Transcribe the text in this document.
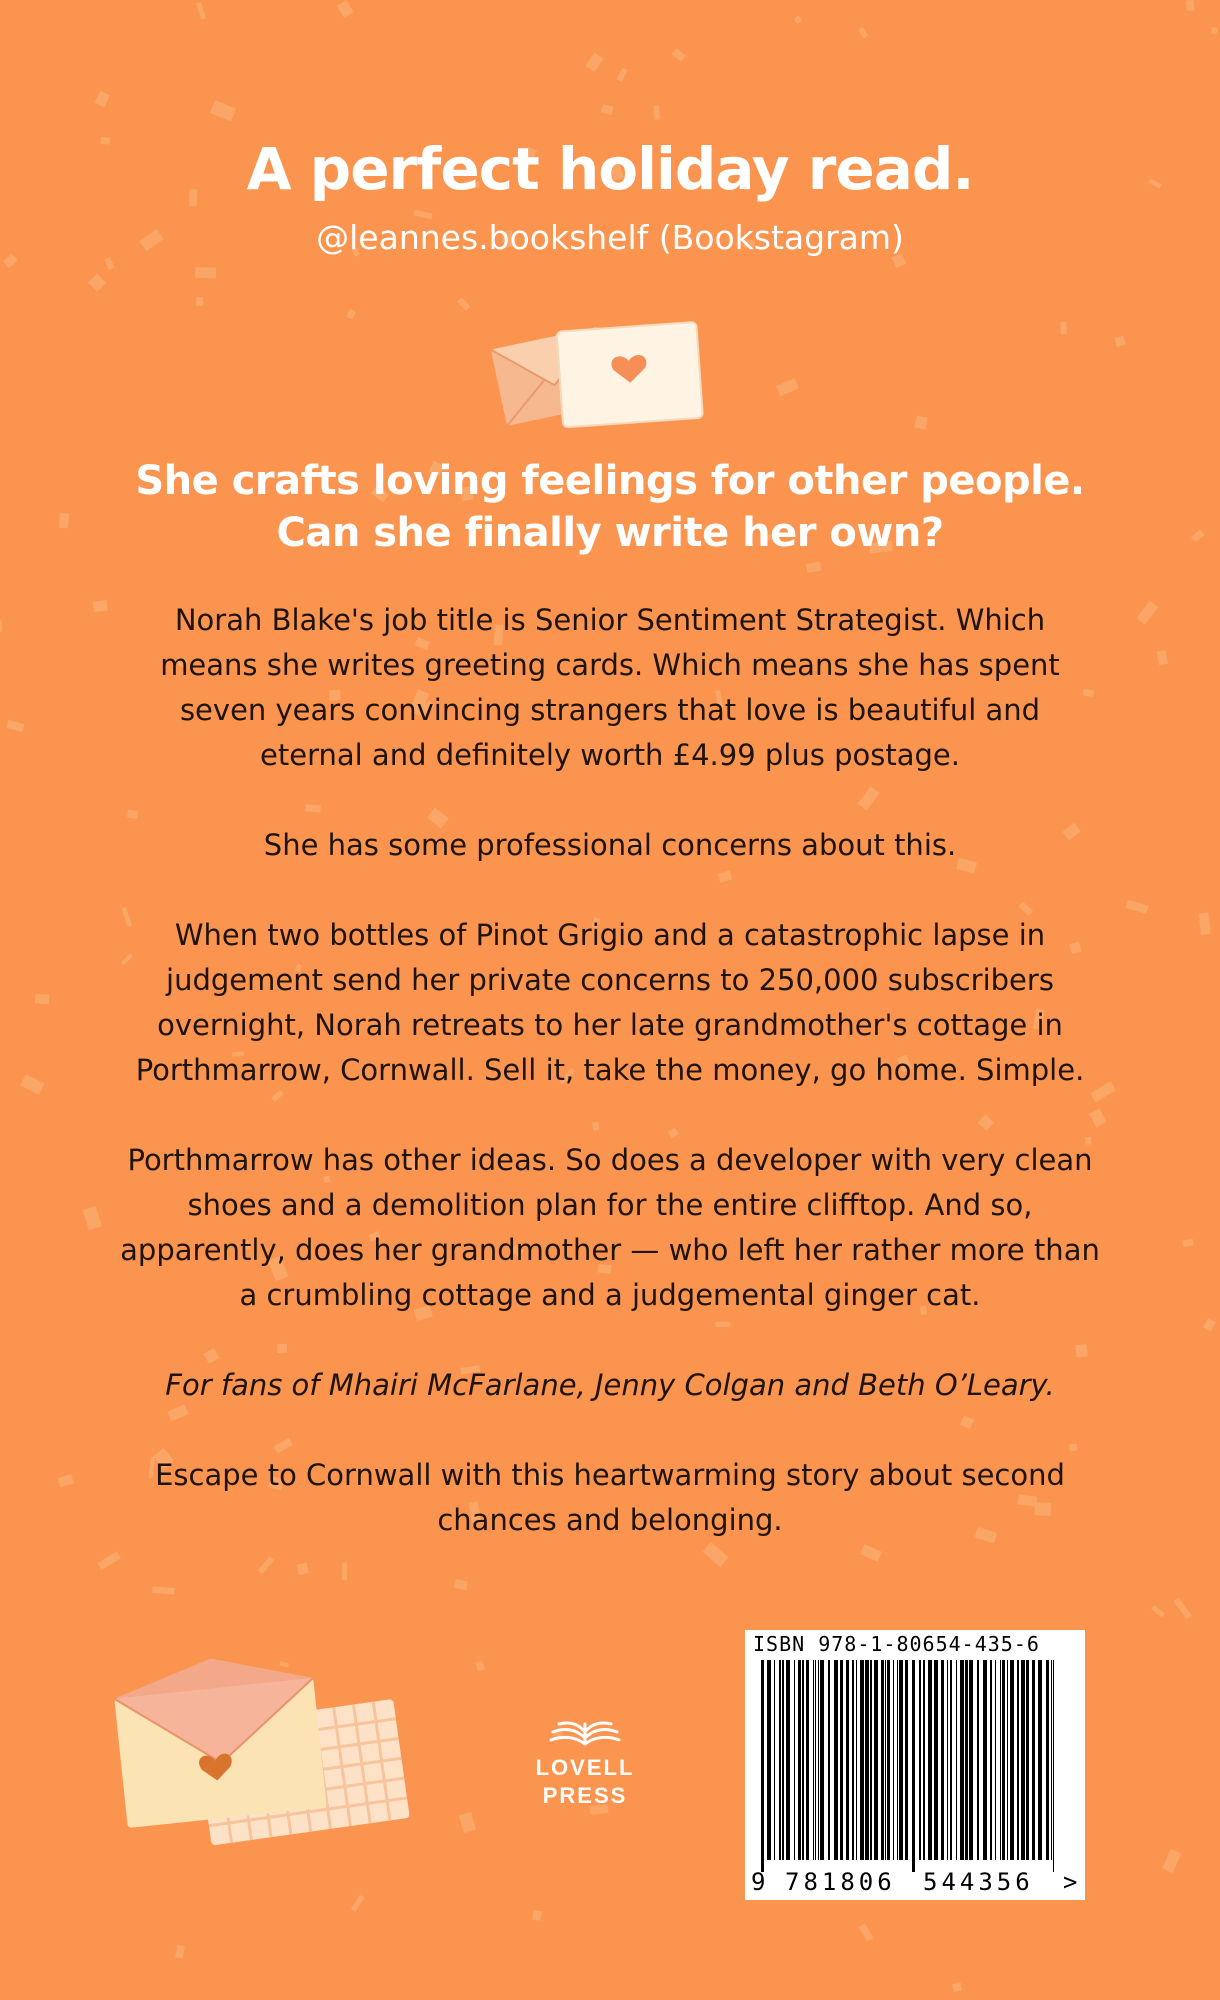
A perfect holiday read.
@leannes.bookshelf (Bookstagram)
She crafts loving feelings for other people.
Can she finally write her own?

Norah Blake's job title is Senior Sentiment Strategist. Which
means she writes greeting cards. Which means she has spent
seven years convincing strangers that love is beautiful and
eternal and definitely worth £4.99 plus postage.

She has some professional concerns about this.

When two bottles of Pinot Grigio and a catastrophic lapse in
judgement send her private concerns to 250,000 subscribers
overnight, Norah retreats to her late grandmother's cottage in
Porthmarrow, Cornwall. Sell it, take the money, go home. Simple.

Porthmarrow has other ideas. So does a developer with very clean
shoes and a demolition plan for the entire clifftop. And so,
apparently, does her grandmother — who left her rather more than
a crumbling cottage and a judgemental ginger cat.

For fans of Mhairi McFarlane, Jenny Colgan and Beth O’Leary.

Escape to Cornwall with this heartwarming story about second
chances and belonging.

LOVELL
PRESS
ISBN 978-1-80654-435-6
9 781806 544356 >
